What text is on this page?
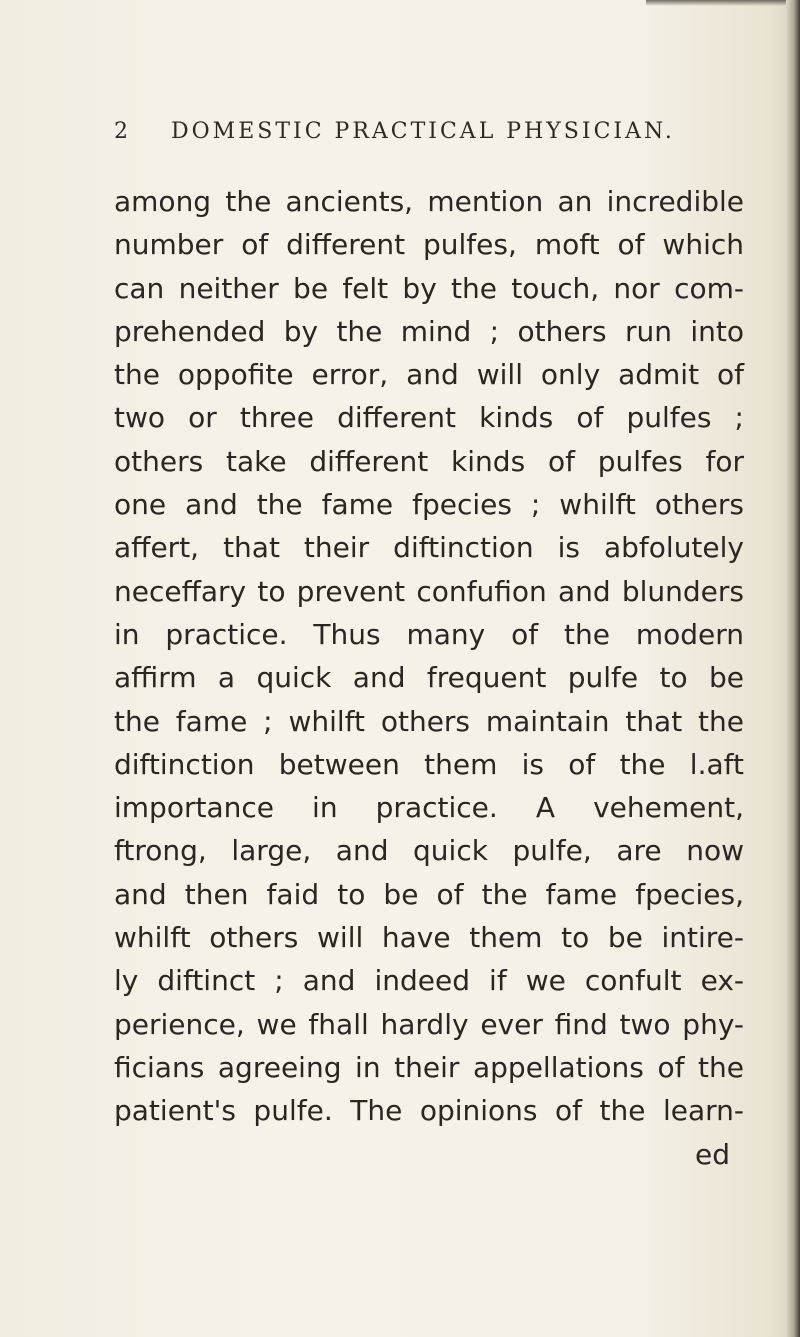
2 DOMESTIC PRACTICAL PHYSICIAN.
among the ancients, mention an incredible
number of different pulfes, moft of which
can neither be felt by the touch, nor com-
prehended by the mind ; others run into
the oppofite error, and will only admit of
two or three different kinds of pulfes ;
others take different kinds of pulfes for
one and the fame fpecies ; whilft others
affert, that their diftinction is abfolutely
neceffary to prevent confufion and blunders
in practice. Thus many of the modern
affirm a quick and frequent pulfe to be
the fame ; whilft others maintain that the
diftinction between them is of the l.aft
importance in practice. A vehement,
ftrong, large, and quick pulfe, are now
and then faid to be of the fame fpecies,
whilft others will have them to be intire-
ly diftinct ; and indeed if we confult ex-
perience, we fhall hardly ever find two phy-
ficians agreeing in their appellations of the
patient's pulfe. The opinions of the learn-
ed
